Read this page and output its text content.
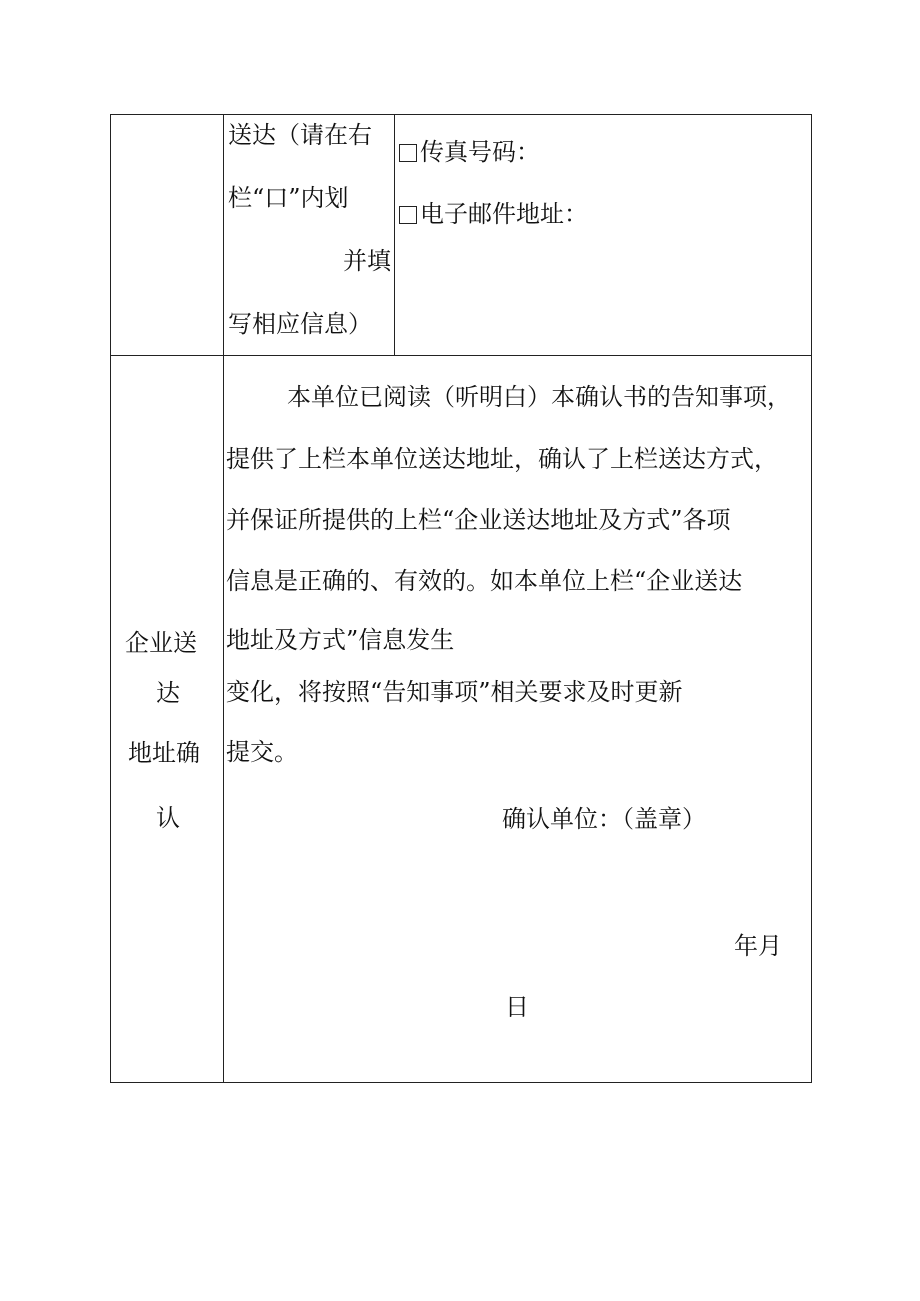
送达（请在右
栏“口”内划
并填
写相应信息）
传真号码：
电子邮件地址：
企业送
达
地址确
认
本单位已阅读（听明白）本确认书的告知事项，
提供了上栏本单位送达地址，确认了上栏送达方式，
并保证所提供的上栏“企业送达地址及方式”各项
信息是正确的、有效的。如本单位上栏“企业送达
地址及方式”信息发生
变化，将按照“告知事项”相关要求及时更新
提交。
确认单位：（盖章）
年月
日
